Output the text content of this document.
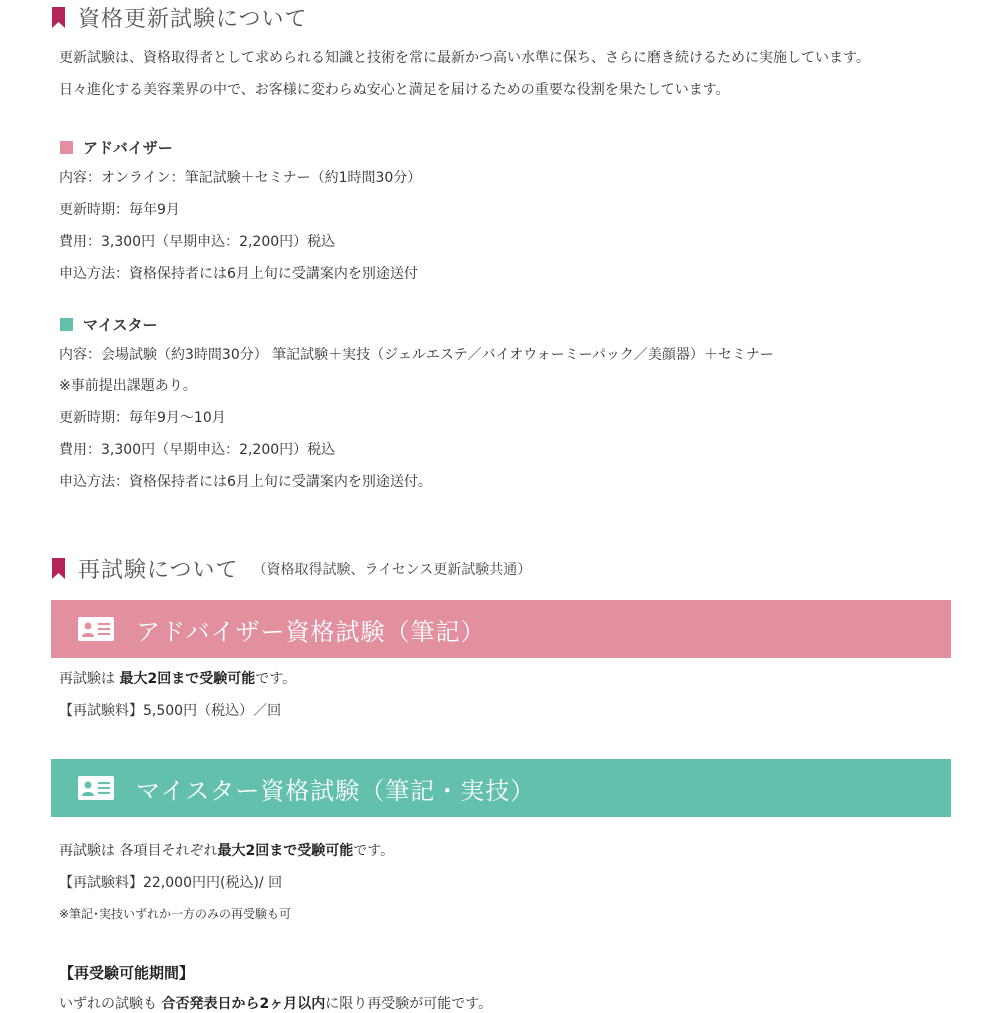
資格更新試験について
更新試験は、資格取得者として求められる知識と技術を常に最新かつ高い水準に保ち、さらに磨き続けるために実施しています。
日々進化する美容業界の中で、お客様に変わらぬ安心と満足を届けるための重要な役割を果たしています。
アドバイザー
内容：オンライン：筆記試験＋セミナー（約1時間30分）
更新時期：毎年9月
費用：3,300円（早期申込：2,200円）税込
申込方法：資格保持者には6月上旬に受講案内を別途送付
マイスター
内容：会場試験（約3時間30分） 筆記試験＋実技（ジェルエステ／バイオウォーミーパック／美顔器）＋セミナー
※事前提出課題あり。
更新時期：毎年9月〜10月
費用：3,300円（早期申込：2,200円）税込
申込方法：資格保持者には6月上旬に受講案内を別途送付。
再試験について （資格取得試験、ライセンス更新試験共通）
アドバイザー資格試験（筆記）
再試験は 最大2回まで受験可能です。
【再試験料】5,500円（税込）／回
マイスター資格試験（筆記・実技）
再試験は 各項目それぞれ最大2回まで受験可能です。
【再試験料】22,000円円(税込)/ 回
※筆記･実技いずれか一方のみの再受験も可
【再受験可能期間】
いずれの試験も 合否発表日から2ヶ月以内に限り再受験が可能です。
